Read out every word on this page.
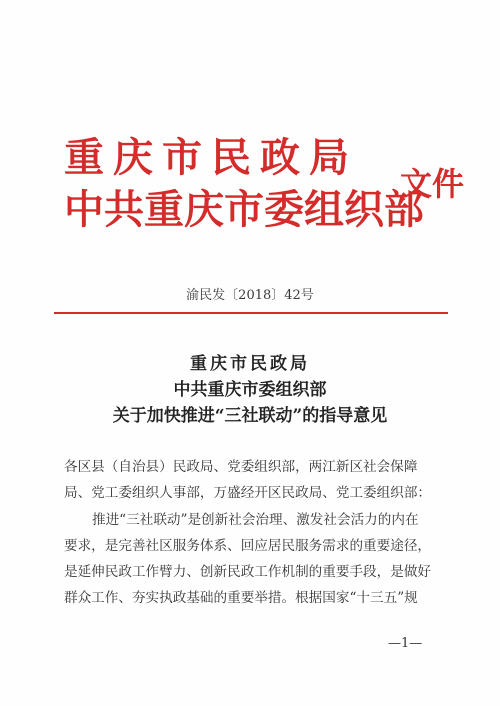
重庆市民政局
中共重庆市委组织部
文件
渝民发〔2018〕42号
重庆市民政局
中共重庆市委组织部
关于加快推进“三社联动”的指导意见
各区县（自治县）民政局、党委组织部，两江新区社会保障
局、党工委组织人事部，万盛经开区民政局、党工委组织部：
推进“三社联动”是创新社会治理、激发社会活力的内在
要求，是完善社区服务体系、回应居民服务需求的重要途径，
是延伸民政工作臂力、创新民政工作机制的重要手段，是做好
群众工作、夯实执政基础的重要举措。根据国家“十三五”规
—1—
